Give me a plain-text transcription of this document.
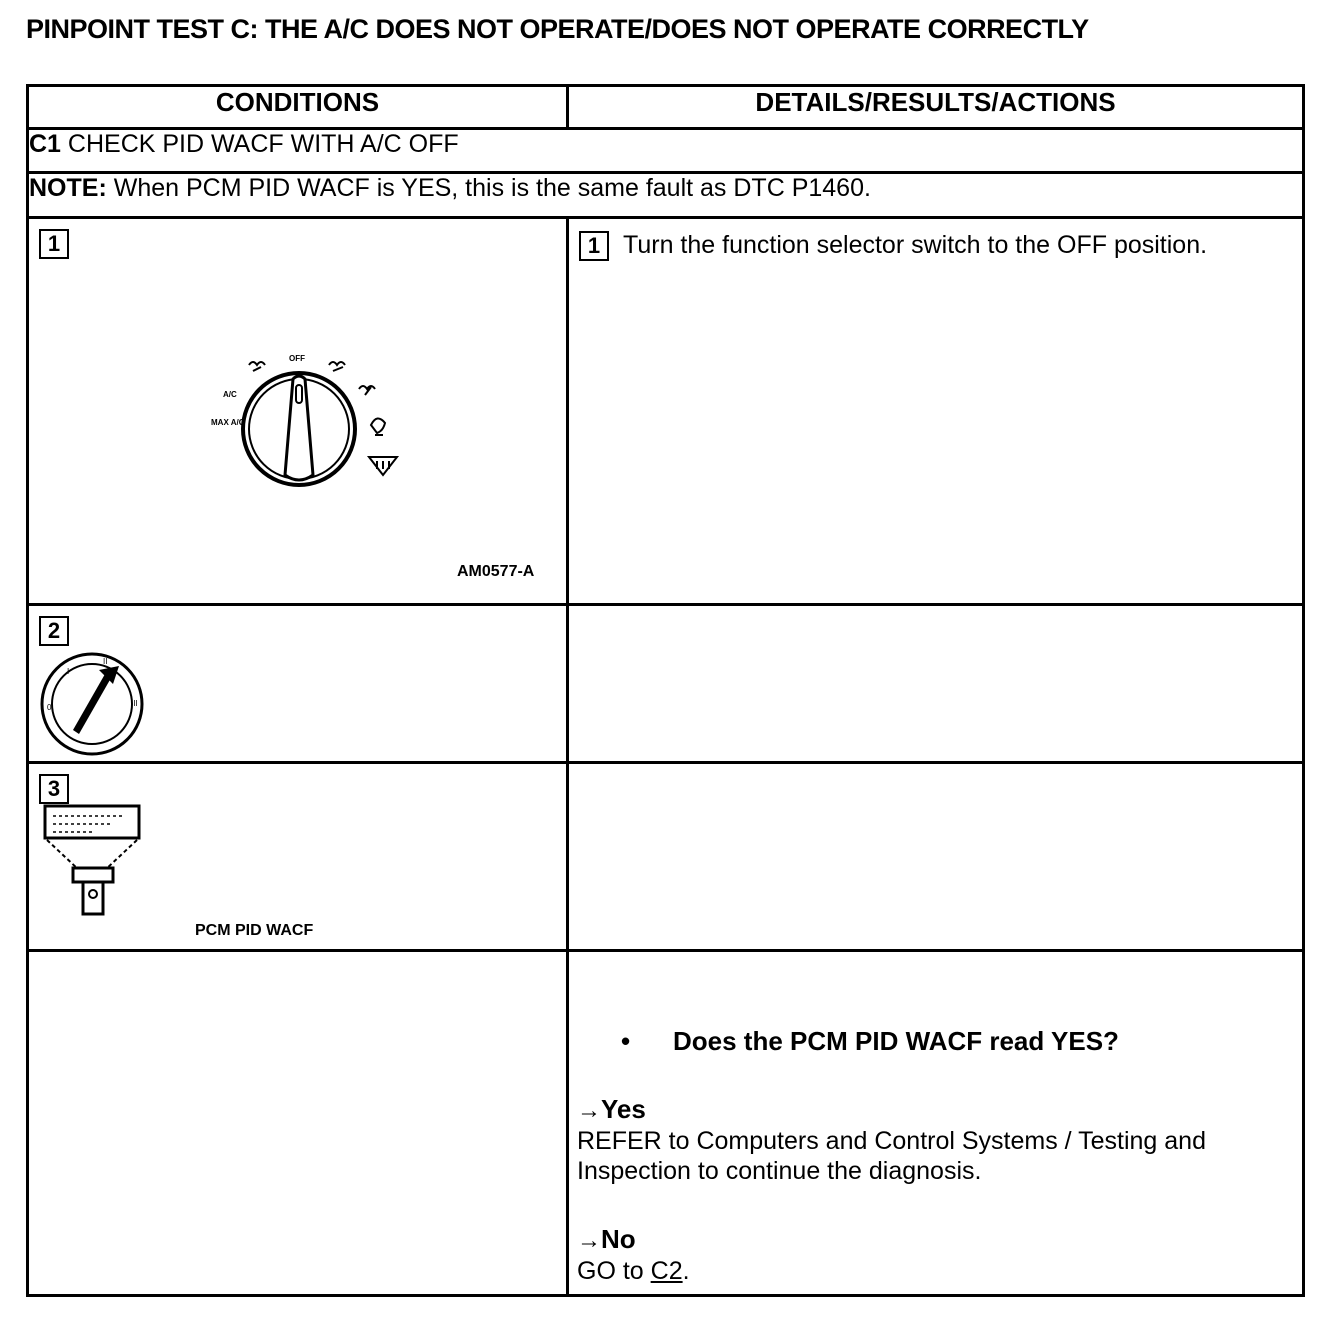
PINPOINT TEST C: THE A/C DOES NOT OPERATE/DOES NOT OPERATE CORRECTLY
CONDITIONS	DETAILS/RESULTS/ACTIONS
C1 CHECK PID WACF WITH A/C OFF	
NOTE: When PCM PID WACF is YES, this is the same fault as DTC P1460.	

1
OFF
A/C
MAX A/C
AM0577-A	1 Turn the function selector switch to the OFF position.

2
0
I
II
III	

3
PCM PID WACF	

	• Does the PCM PID WACF read YES?
→Yes
REFER to Computers and Control Systems / Testing and Inspection to continue the diagnosis.
→No
GO to C2.
